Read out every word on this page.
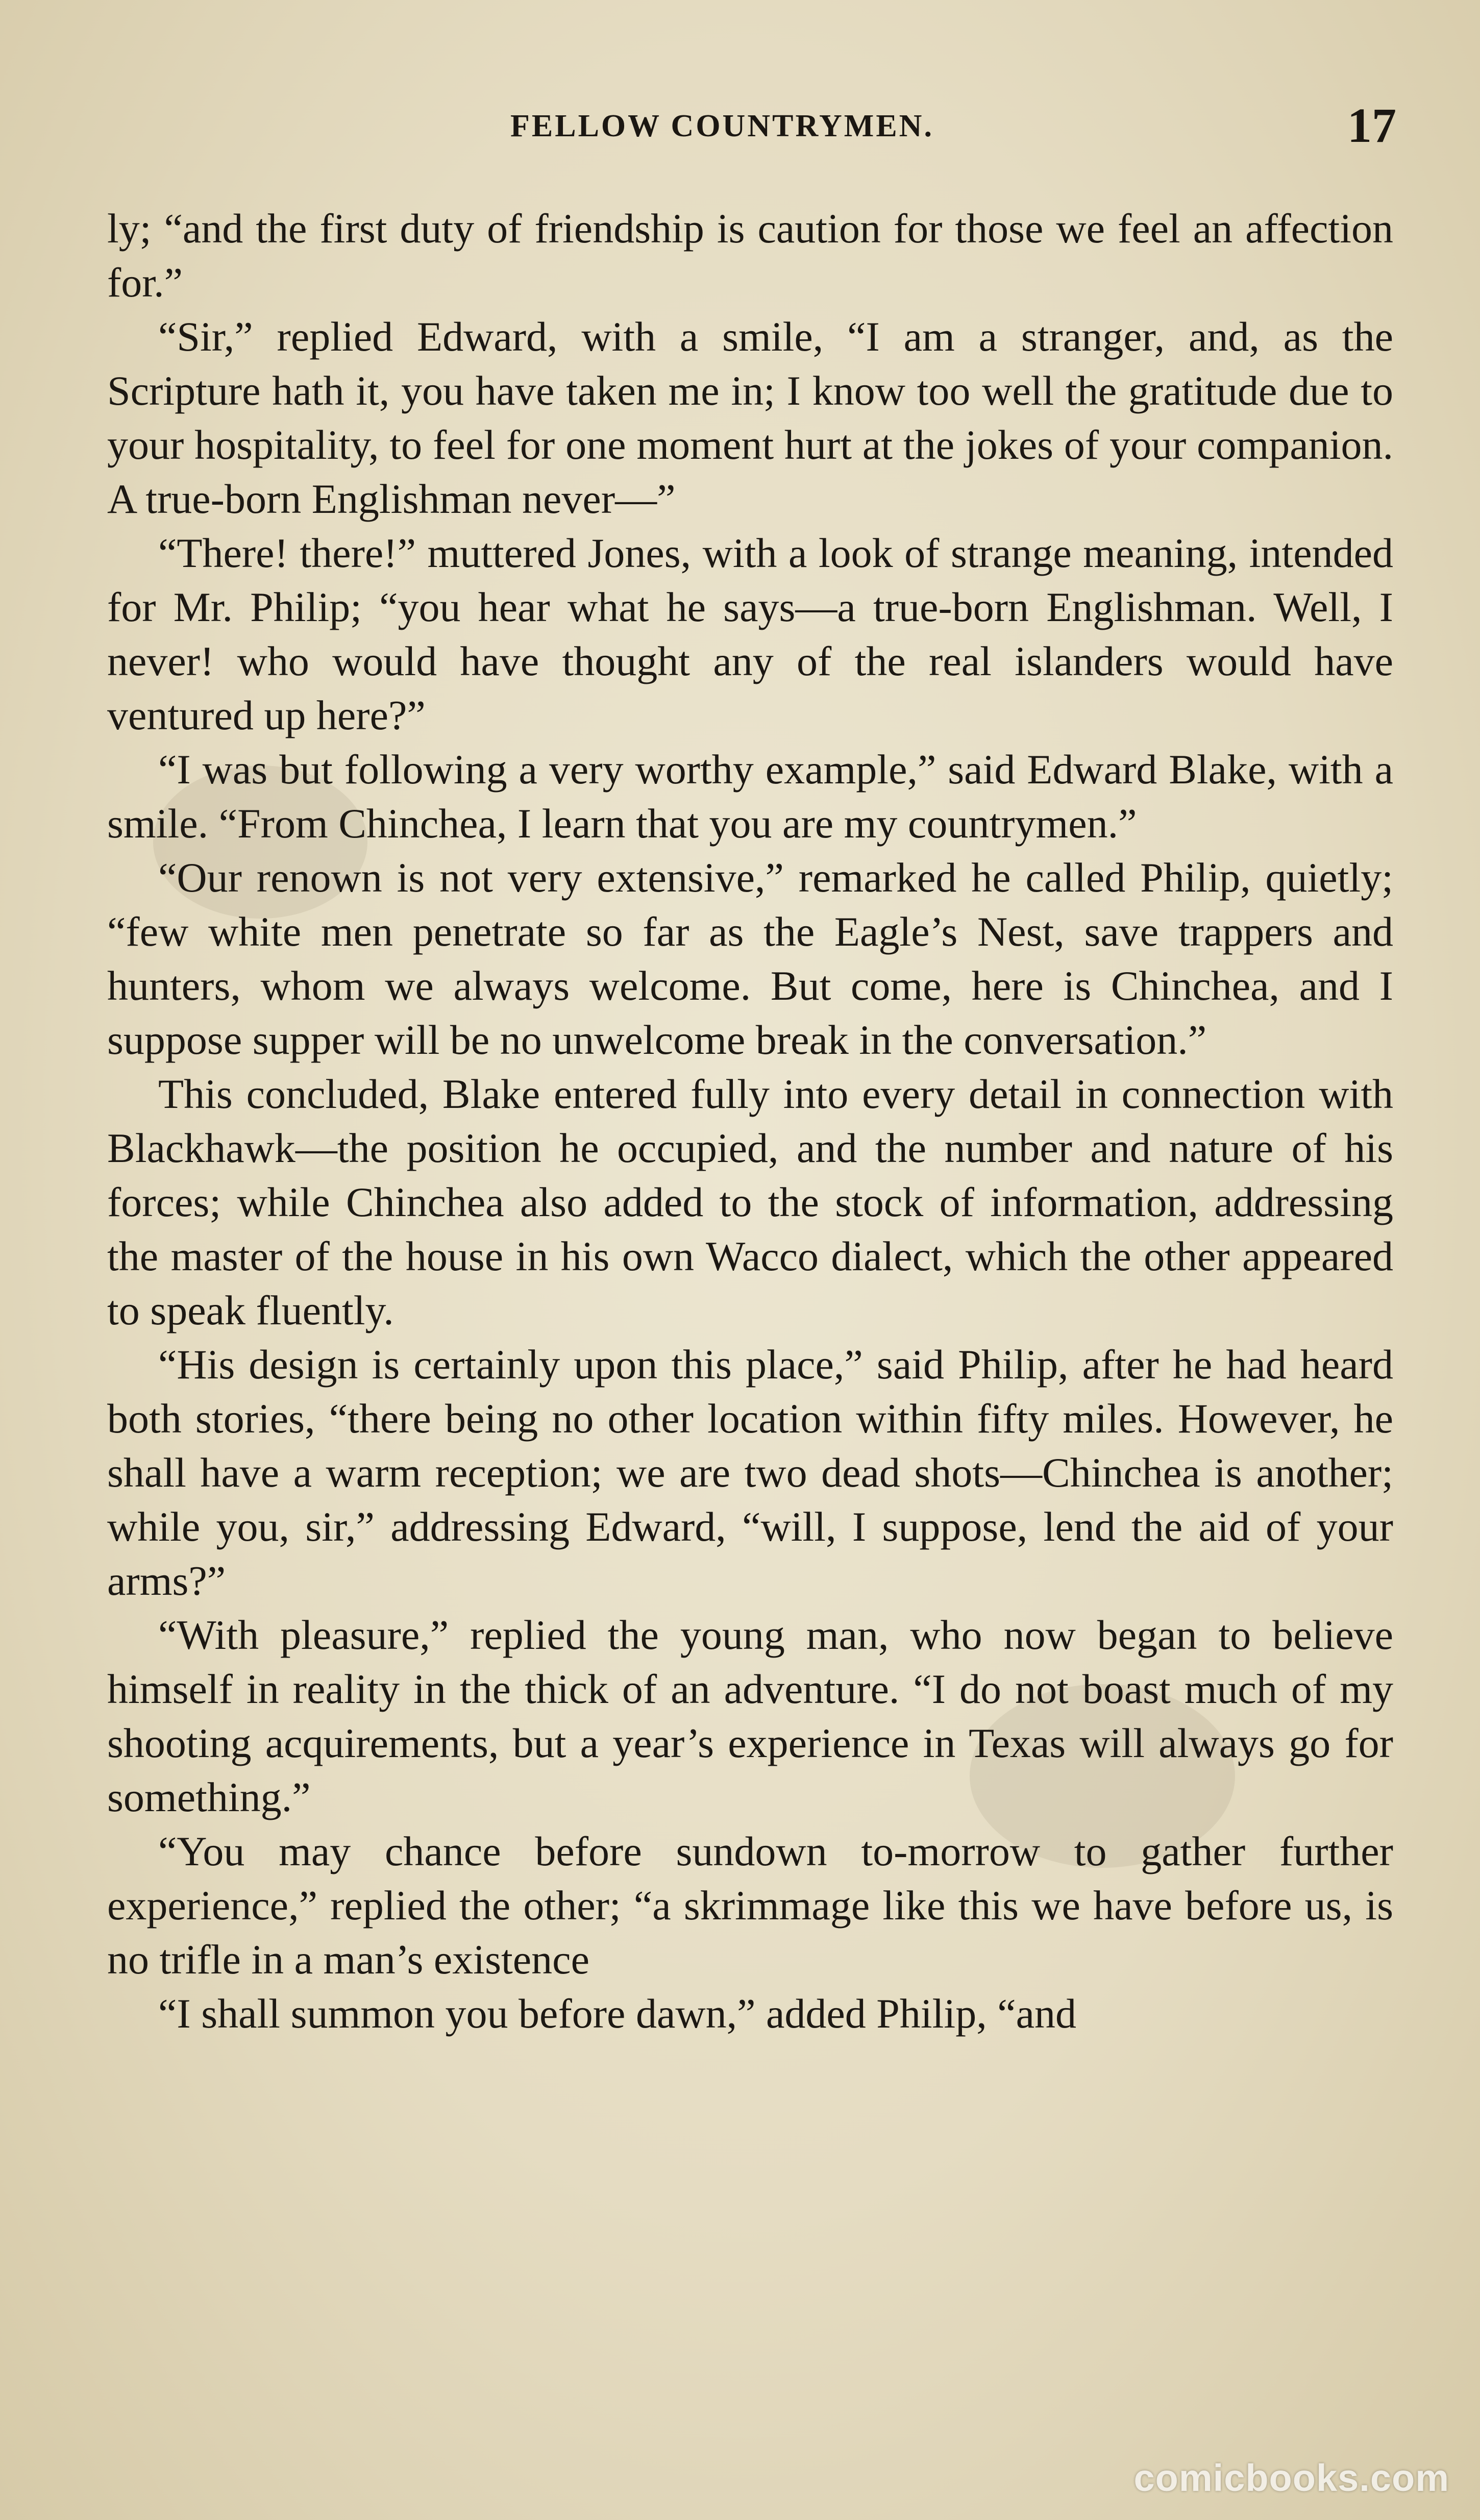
FELLOW COUNTRYMEN.	17

ly; “and the first duty of friendship is caution for those we feel an affection for.”

“Sir,” replied Edward, with a smile, “I am a stranger, and, as the Scripture hath it, you have taken me in; I know too well the gratitude due to your hospitality, to feel for one moment hurt at the jokes of your companion. A true-born Englishman never—”

“There! there!” muttered Jones, with a look of strange meaning, intended for Mr. Philip; “you hear what he says—a true-born Englishman. Well, I never! who would have thought any of the real islanders would have ventured up here?”

“I was but following a very worthy example,” said Edward Blake, with a smile. “From Chinchea, I learn that you are my countrymen.”

“Our renown is not very extensive,” remarked he called Philip, quietly; “few white men penetrate so far as the Eagle’s Nest, save trappers and hunters, whom we always welcome. But come, here is Chinchea, and I suppose supper will be no unwelcome break in the conversation.”

This concluded, Blake entered fully into every detail in connection with Blackhawk—the position he occupied, and the number and nature of his forces; while Chinchea also added to the stock of information, addressing the master of the house in his own Wacco dialect, which the other appeared to speak fluently.

“His design is certainly upon this place,” said Philip, after he had heard both stories, “there being no other location within fifty miles. However, he shall have a warm reception; we are two dead shots—Chinchea is another; while you, sir,” addressing Edward, “will, I suppose, lend the aid of your arms?”

“With pleasure,” replied the young man, who now began to believe himself in reality in the thick of an adventure. “I do not boast much of my shooting acquirements, but a year’s experience in Texas will always go for something.”

“You may chance before sundown to-morrow to gather further experience,” replied the other; “a skrimmage like this we have before us, is no trifle in a man’s existence

“I shall summon you before dawn,” added Philip, “and

comicbooks.com
